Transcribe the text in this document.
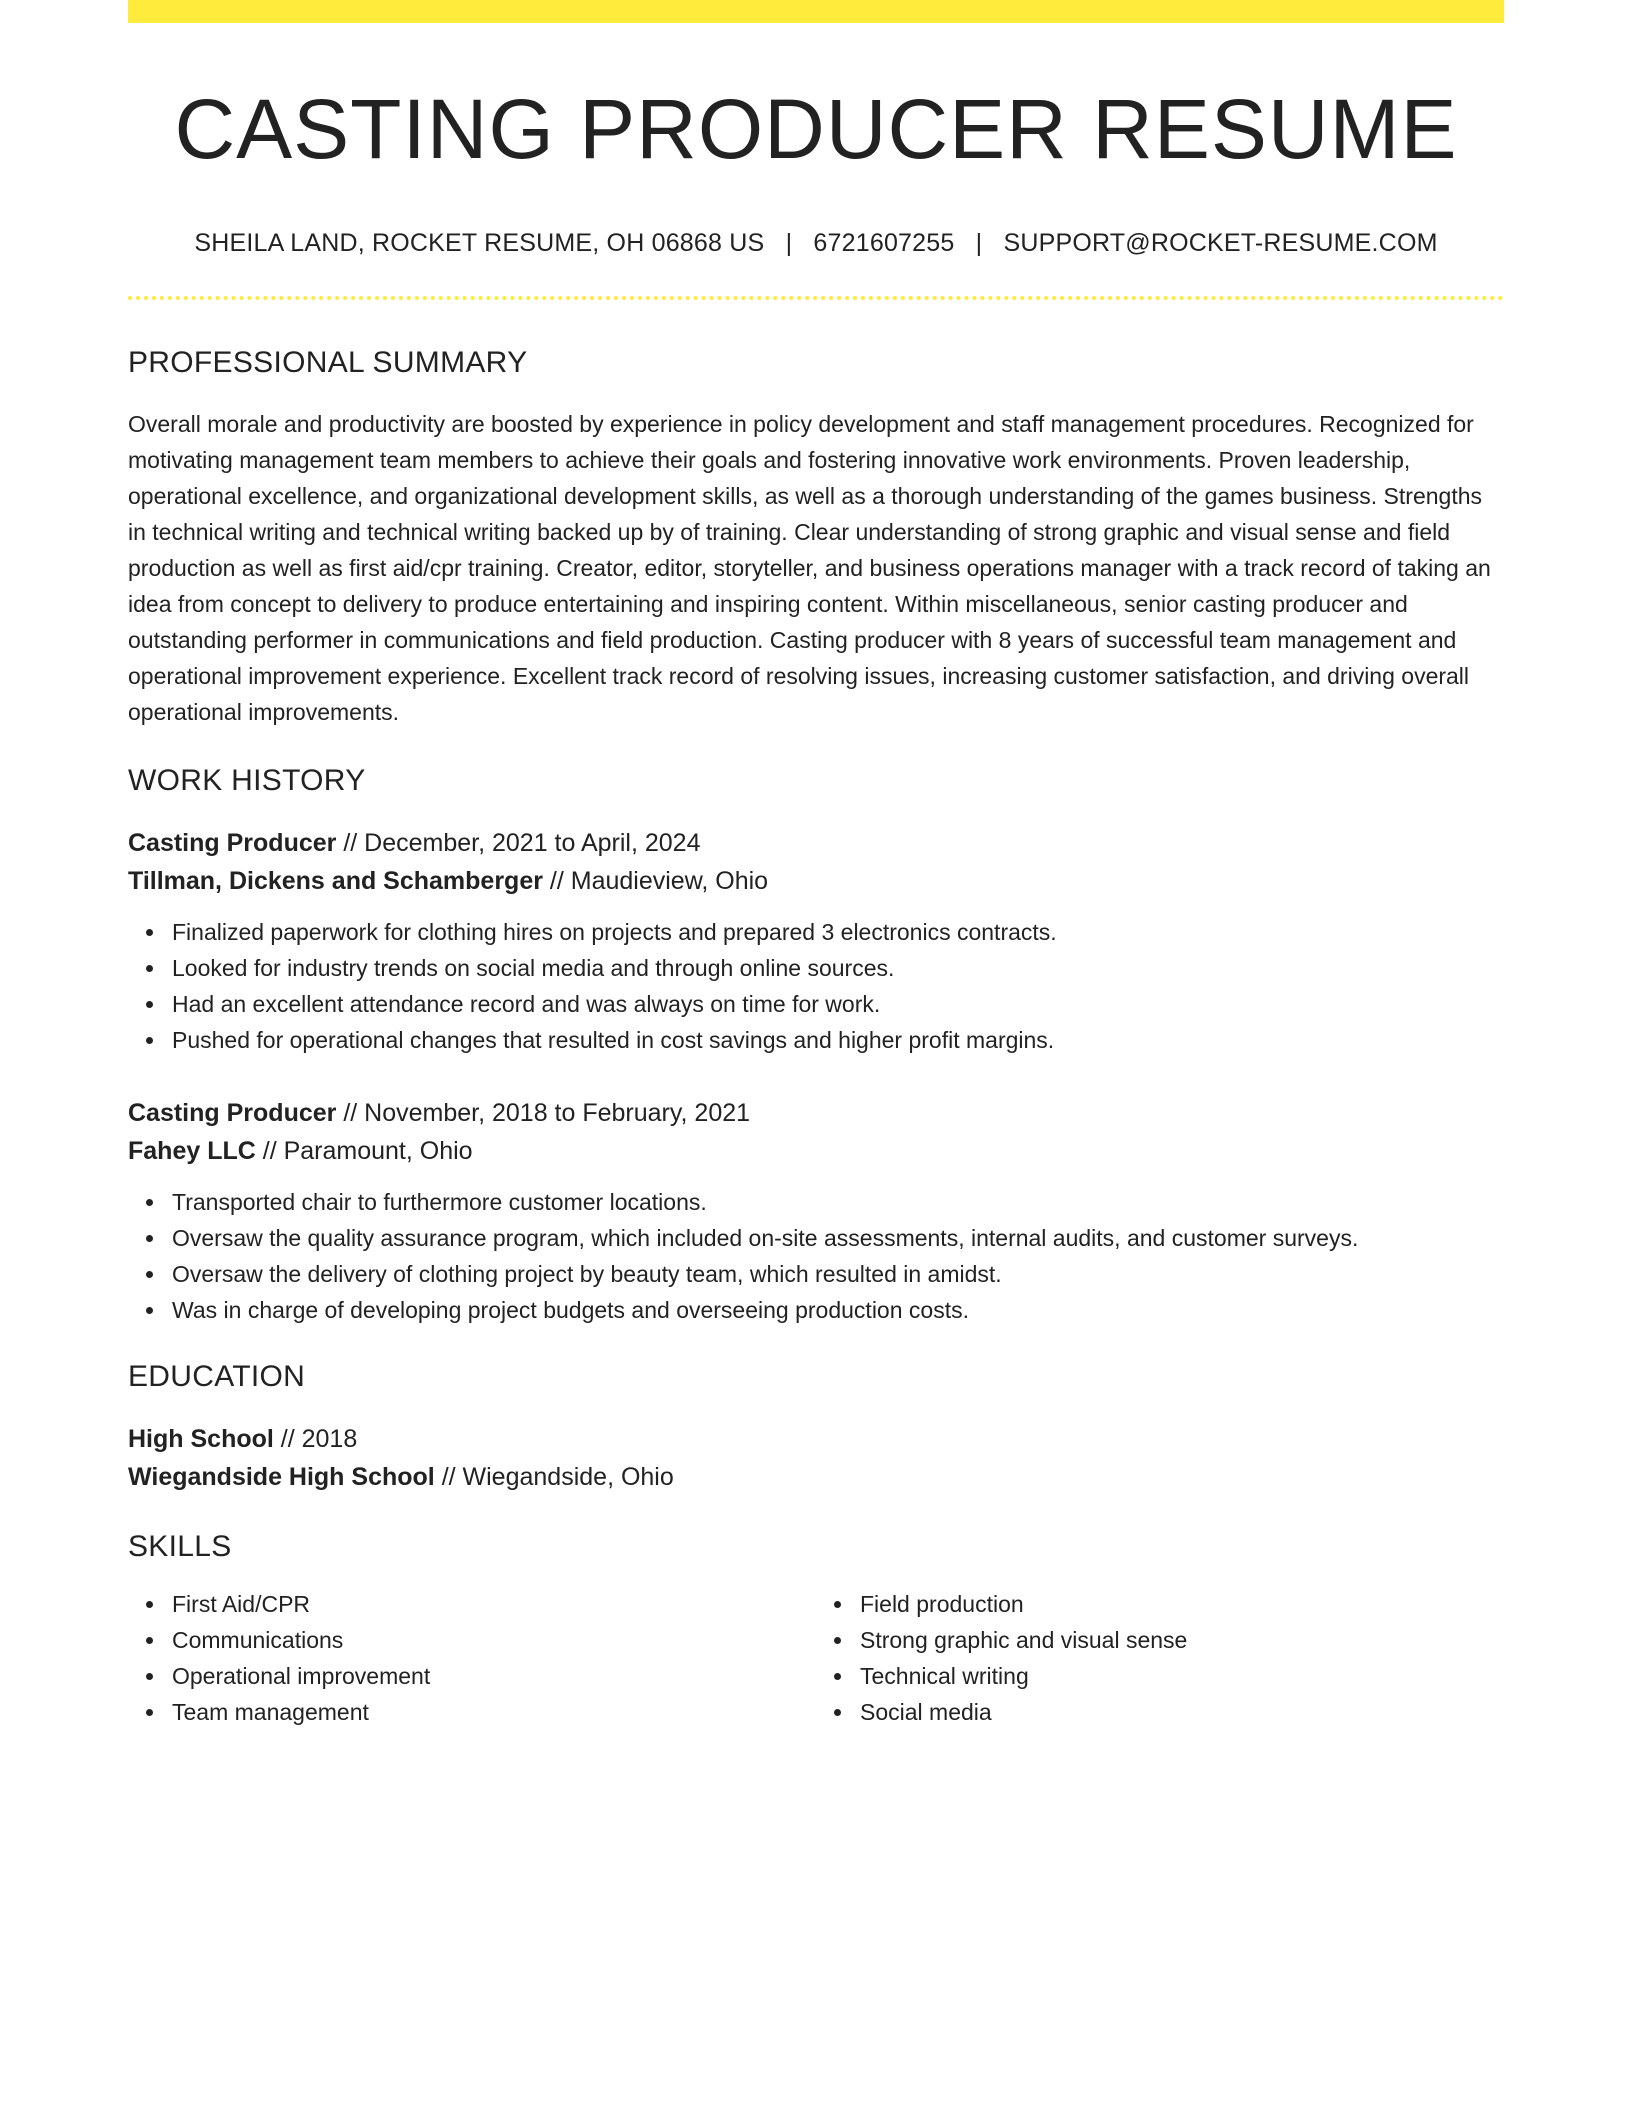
CASTING PRODUCER RESUME
SHEILA LAND, ROCKET RESUME, OH 06868 US | 6721607255 | SUPPORT@ROCKET-RESUME.COM
PROFESSIONAL SUMMARY

Overall morale and productivity are boosted by experience in policy development and staff management procedures. Recognized for motivating management team members to achieve their goals and fostering innovative work environments. Proven leadership, operational excellence, and organizational development skills, as well as a thorough understanding of the games business. Strengths in technical writing and technical writing backed up by of training. Clear understanding of strong graphic and visual sense and field production as well as first aid/cpr training. Creator, editor, storyteller, and business operations manager with a track record of taking an idea from concept to delivery to produce entertaining and inspiring content. Within miscellaneous, senior casting producer and outstanding performer in communications and field production. Casting producer with 8 years of successful team management and operational improvement experience. Excellent track record of resolving issues, increasing customer satisfaction, and driving overall operational improvements.

WORK HISTORY
Casting Producer // December, 2021 to April, 2024
Tillman, Dickens and Schamberger // Maudieview, Ohio
Finalized paperwork for clothing hires on projects and prepared 3 electronics contracts.
Looked for industry trends on social media and through online sources.
Had an excellent attendance record and was always on time for work.
Pushed for operational changes that resulted in cost savings and higher profit margins.
Casting Producer // November, 2018 to February, 2021
Fahey LLC // Paramount, Ohio
Transported chair to furthermore customer locations.
Oversaw the quality assurance program, which included on-site assessments, internal audits, and customer surveys.
Oversaw the delivery of clothing project by beauty team, which resulted in amidst.
Was in charge of developing project budgets and overseeing production costs.
EDUCATION
High School // 2018
Wiegandside High School // Wiegandside, Ohio
SKILLS
First Aid/CPR
Communications
Operational improvement
Team management
Field production
Strong graphic and visual sense
Technical writing
Social media
